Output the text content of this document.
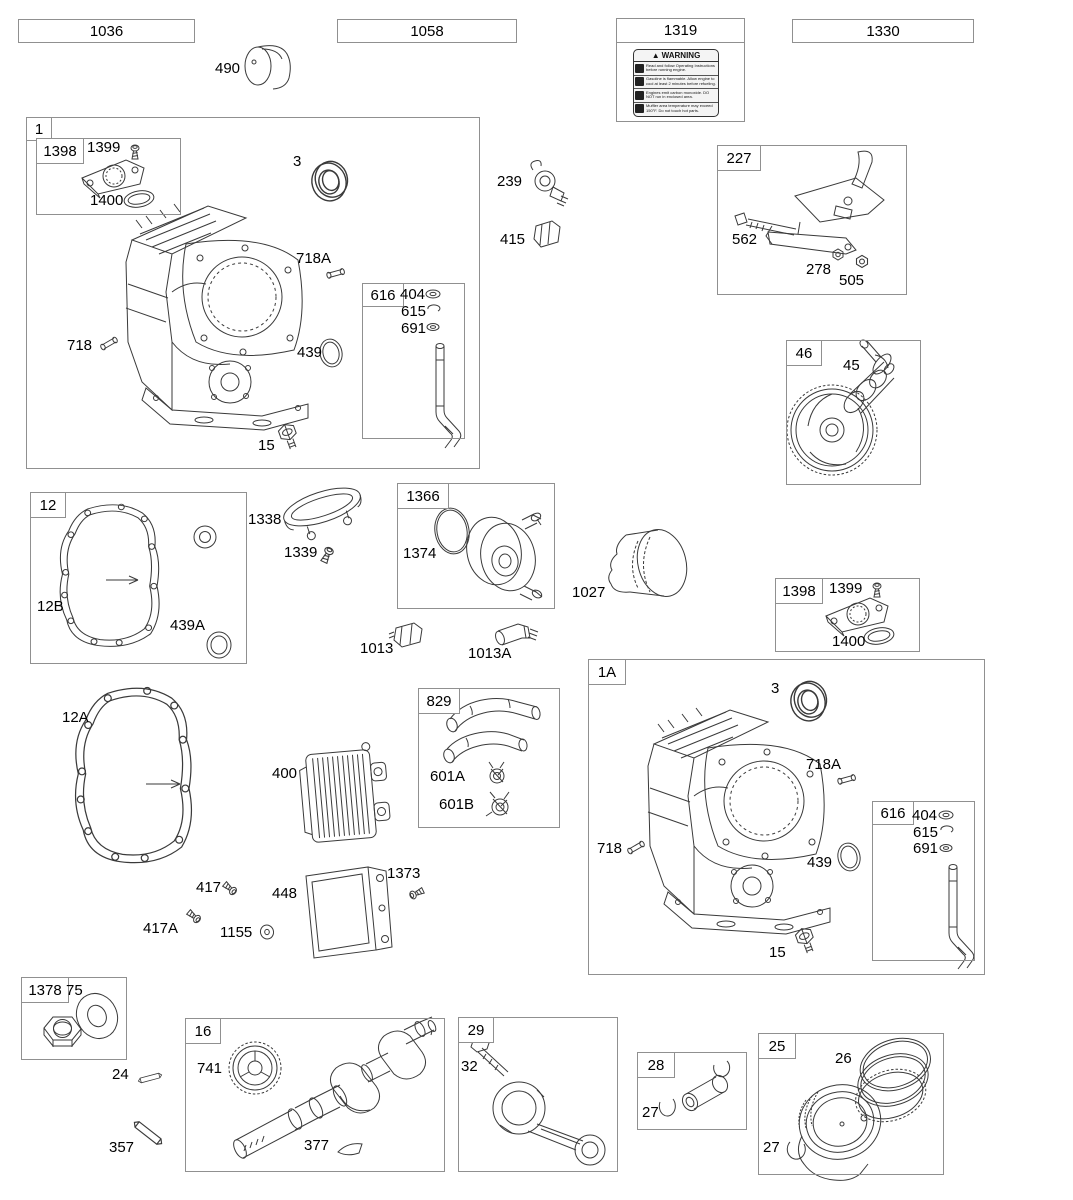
1
1398
616
227
46
12
1366
1398
1A
616
829
1378
16	29
28
25
1036	1058	1330
1319
▲ WARNING
Read and follow Operating Instructions before running engine.
Gasoline is flammable. Allow engine to cool at least 2 minutes before refueling.
Engines emit carbon monoxide. DO NOT run in enclosed area.
Muffler area temperature may exceed 150°F. Do not touch hot parts.
490
1399
1400
3
718A
718	439
15
404
615
691
239
415	562
278
505
45
12B
439A
1338
1339	1374
1027
1013	1013A
1399
1400
3
718A
718
439
15
404
615
691
12A
400	601A
601B
417
417A	1155
448
1373
75
24
357
741
377
32
27
26
27
